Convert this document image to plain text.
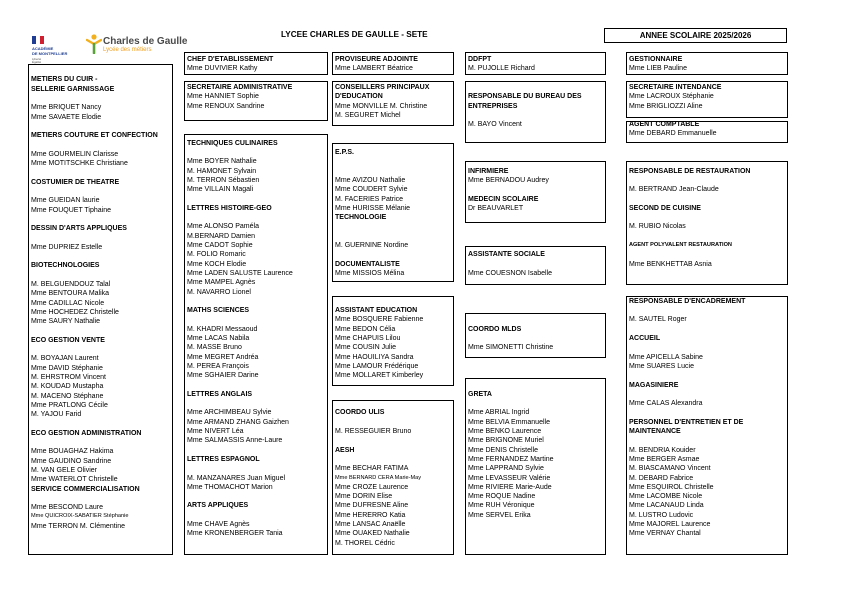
ACADÉMIE
DE MONTPELLIER
Liberté
Égalité
Charles de Gaulle
Lycée des métiers
LYCEE CHARLES DE GAULLE - SETE	ANNEE SCOLAIRE 2025/2026
METIERS DU CUIR -
SELLERIE GARNISSAGE
Mme BRIQUET Nancy
Mme SAVAETE Elodie
METIERS COUTURE ET CONFECTION
Mme GOURMELIN Clarisse
Mme MOTITSCHKE Christiane
COSTUMIER DE THEATRE
Mme GUEIDAN laurie
Mme FOUQUET Tiphaine
DESSIN D'ARTS APPLIQUES
Mme DUPRIEZ Estelle
BIOTECHNOLOGIES
M. BELGUENDOUZ Talal
Mme BENTOURA Malika
Mme CADILLAC Nicole
Mme HOCHEDEZ Christelle
Mme SAURY Nathalie
ECO GESTION VENTE
M. BOYAJAN Laurent
Mme DAVID Stéphanie
M. EHRSTROM Vincent
M. KOUDAD Mustapha
M. MACENO Stéphane
Mme PRATLONG Cécile
M. YAJOU Farid
ECO GESTION ADMINISTRATION
Mme BOUAGHAZ Hakima
Mme GAUDINO Sandrine
M. VAN GELE Olivier
Mme WATERLOT Christelle
SERVICE COMMERCIALISATION
Mme BESCOND Laure
Mme QUICROIX-SABATIER Stéphanie
Mme TERRON M. Clémentine
CHEF D'ETABLISSEMENT
Mme DUVIVIER Kathy
SECRETAIRE ADMINISTRATIVE
Mme HANNIET Sophie
Mme RENOUX Sandrine
TECHNIQUES CULINAIRES
Mme BOYER Nathalie
M. HAMONET Sylvain
M. TERRON Sébastien
Mme VILLAIN Magali
LETTRES HISTOIRE-GEO
Mme ALONSO Paméla
M.BERNARD Damien
Mme CADOT Sophie
M. FOLIO Romaric
Mme KOCH Elodie
Mme LADEN SALUSTE Laurence
Mme MAMPEL Agnès
M. NAVARRO Lionel
MATHS SCIENCES
M. KHADRI Messaoud
Mme LACAS Nabila
M. MASSE Bruno
Mme MEGRET Andréa
M. PEREA François
Mme SGHAIER Darine
LETTRES ANGLAIS
Mme ARCHIMBEAU Sylvie
Mme ARMAND ZHANG Gaizhen
Mme NIVERT Léa
Mme SALMASSIS Anne-Laure
LETTRES ESPAGNOL
M. MANZANARES Juan Miguel
Mme THOMACHOT Marion
ARTS APPLIQUES
Mme CHAVE Agnès
Mme KRONENBERGER Tania
PROVISEURE ADJOINTE
Mme LAMBERT Béatrice
CONSEILLERS PRINCIPAUX
D'EDUCATION
Mme MONVILLE M. Christine
M. SEGURET Michel
E.P.S.
Mme AVIZOU Nathalie
Mme COUDERT Sylvie
M. FACERIES Patrice
Mme HURISSE Mélanie
TECHNOLOGIE
M. GUERNINE Nordine
DOCUMENTALISTE
Mme MISSIOS Mélina
ASSISTANT EDUCATION
Mme BOSQUERE Fabienne
Mme BEDON Célia
Mme CHAPUIS Lilou
Mme COUSIN Julie
Mme HAOUILIYA Sandra
Mme LAMOUR Frédérique
Mme MOLLARET Kimberley
COORDO ULIS
M. RESSEGUIER Bruno
AESH
Mme BECHAR FATIMA
Mme BERNARD CERA Marie-May
Mme CROZE Laurence
Mme DORIN Elise
Mme DUFRESNE Aline
Mme HERERRO Katia
Mme LANSAC Anaëlle
Mme OUAKED Nathalie
M. THOREL Cédric
DDFPT
M. PUJOLLE Richard
RESPONSABLE DU BUREAU DES
ENTREPRISES
M. BAYO Vincent
INFIRMIERE
Mme BERNADOU Audrey
MEDECIN SCOLAIRE
Dr BEAUVARLET
ASSISTANTE SOCIALE
Mme COUESNON Isabelle
COORDO MLDS
Mme SIMONETTI Christine
GRETA
Mme ABRIAL Ingrid
Mme BELVIA Emmanuelle
Mme BENKO Laurence
Mme BRIGNONE Muriel
Mme DENIS Christelle
Mme FERNANDEZ Martine
Mme LAPPRAND Sylvie
Mme LEVASSEUR Valérie
Mme RIVIERE Marie-Aude
Mme ROQUE Nadine
Mme RUH Véronique
Mme SERVEL Erika
GESTIONNAIRE
Mme LIEB Pauline
SECRETAIRE INTENDANCE
Mme LACROUX Stéphanie
Mme BRIGLIOZZI Aline
AGENT COMPTABLE
Mme DEBARD Emmanuelle
RESPONSABLE DE RESTAURATION
M. BERTRAND Jean-Claude
SECOND DE CUISINE
M. RUBIO Nicolas
AGENT POLYVALENT RESTAURATION
Mme BENKHETTAB Asnia
RESPONSABLE D'ENCADREMENT
M. SAUTEL Roger
ACCUEIL
Mme APICELLA Sabine
Mme SUARES Lucie
MAGASINIERE
Mme CALAS Alexandra
PERSONNEL D'ENTRETIEN ET DE
MAINTENANCE
M. BENDRIA Kouider
Mme BERGER Asmae
M. BIASCAMANO Vincent
M. DEBARD Fabrice
Mme ESQUIROL Christelle
Mme LACOMBE Nicole
Mme LACANAUD Linda
M. LUSTRO Ludovic
Mme MAJOREL Laurence
Mme VERNAY Chantal
